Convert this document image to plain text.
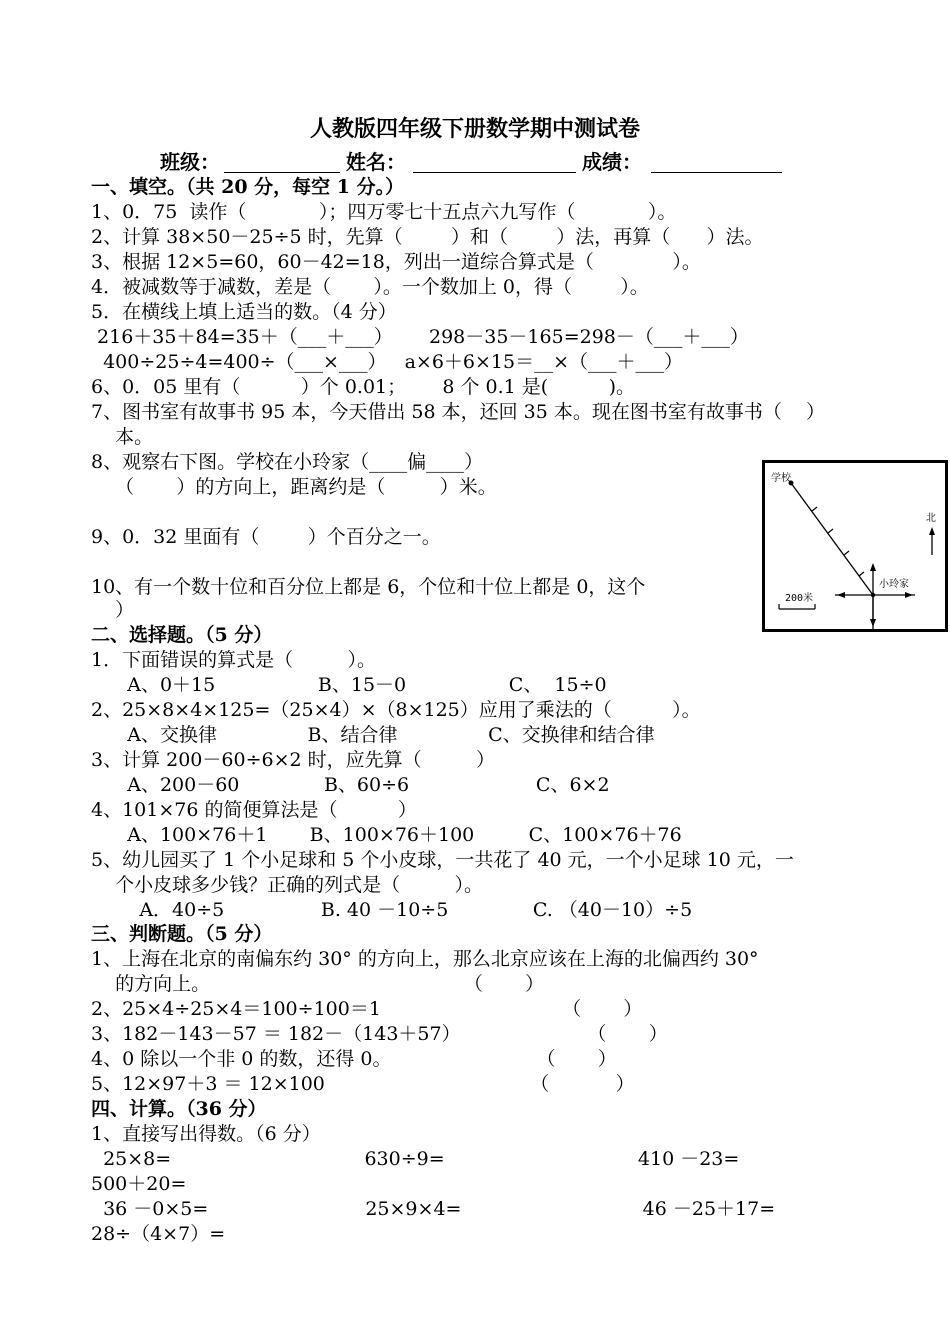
人教版四年级下册数学期中测试卷
班级：	姓名：	成绩：
一、填空。（共 20 分，每空 1 分。）
1、0．75  读作（            ）；四万零七十五点六九写作（            ）。
2、计算 38×50－25÷5 时，先算（        ）和（        ）法，再算（      ）法。
3、根据 12×5=60，60－42=18，列出一道综合算式是（             ）。
4．被减数等于减数，差是（       ）。一个数加上 0，得（        ）。
5．在横线上填上适当的数。（4 分）
216＋35＋84=35＋（___＋___）      298－35－165=298－（___＋___）
400÷25÷4=400÷（___×___）   a×6＋6×15＝__×（___＋___）
6、0．05 里有（          ）个 0.01；      8 个 0.1 是(          )。
7、图书室有故事书 95 本，今天借出 58 本，还回 35 本。现在图书室有故事书（    ）
本。
8、观察右下图。学校在小玲家（____偏____）
（       ）的方向上，距离约是（         ）米。
9、0．32 里面有（        ）个百分之一。
10、有一个数十位和百分位上都是 6，个位和十位上都是 0，这个
）
学校
小玲家
北
200米
二、选择题。（5 分）
1．下面错误的算式是（         ）。
A、0＋15                 B、15－0                 C、  15÷0
2、25×8×4×125=（25×4）×（8×125）应用了乘法的（          ）。
A、交换律               B、结合律               C、交换律和结合律
3、计算 200－60÷6×2 时，应先算（         ）
A、200－60              B、60÷6                     C、6×2
4、101×76 的简便算法是（          ）
A、100×76＋1       B、100×76＋100         C、100×76＋76
5、幼儿园买了 1 个小足球和 5 个小皮球，一共花了 40 元，一个小足球 10 元，一
个小皮球多少钱？正确的列式是（         ）。
A．40÷5                B. 40 －10÷5              C. （40－10）÷5
三、判断题。（5 分）
1、上海在北京的南偏东约 30° 的方向上，那么北京应该在上海的北偏西约 30°
的方向上。                                          （       ）
2、25×4÷25×4＝100÷100＝1                              （       ）
3、182－143－57 ＝ 182－（143＋57）                     （       ）
4、0 除以一个非 0 的数，还得 0。                        （       ）
5、12×97＋3 ＝ 12×100                                  （           ）
四、计算。（36 分）
1、直接写出得数。（6 分）
25×8=                                630÷9=                                410 －23=
500＋20=
36 －0×5=                          25×9×4=                              46 －25＋17=
28÷（4×7）=
